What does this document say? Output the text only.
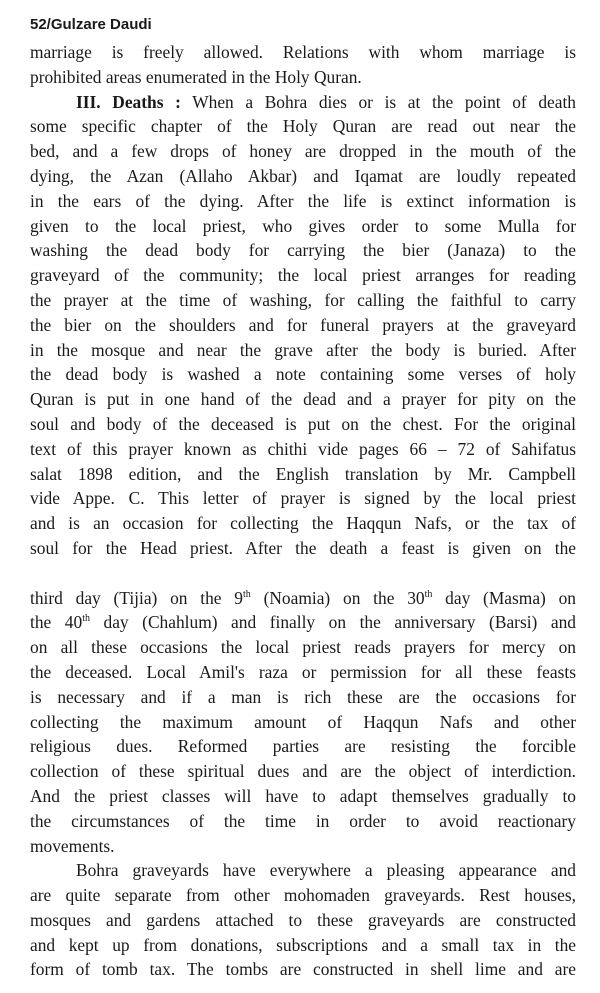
52/Gulzare Daudi
marriage is freely allowed. Relations with whom marriage is
prohibited areas enumerated in the Holy Quran.
III. Deaths : When a Bohra dies or is at the point of death
some specific chapter of the Holy Quran are read out near the
bed, and a few drops of honey are dropped in the mouth of the
dying, the Azan (Allaho Akbar) and Iqamat are loudly repeated
in the ears of the dying. After the life is extinct information is
given to the local priest, who gives order to some Mulla for
washing the dead body for carrying the bier (Janaza) to the
graveyard of the community; the local priest arranges for reading
the prayer at the time of washing, for calling the faithful to carry
the bier on the shoulders and for funeral prayers at the graveyard
in the mosque and near the grave after the body is buried. After
the dead body is washed a note containing some verses of holy
Quran is put in one hand of the dead and a prayer for pity on the
soul and body of the deceased is put on the chest. For the original
text of this prayer known as chithi vide pages 66 – 72 of Sahifatus
salat 1898 edition, and the English translation by Mr. Campbell
vide Appe. C. This letter of prayer is signed by the local priest
and is an occasion for collecting the Haqqun Nafs, or the tax of
soul for the Head priest. After the death a feast is given on the
third day (Tijia) on the 9th (Noamia) on the 30th day (Masma) on
the 40th day (Chahlum) and finally on the anniversary (Barsi) and
on all these occasions the local priest reads prayers for mercy on
the deceased. Local Amil's raza or permission for all these feasts
is necessary and if a man is rich these are the occasions for
collecting the maximum amount of Haqqun Nafs and other
religious dues. Reformed parties are resisting the forcible
collection of these spiritual dues and are the object of interdiction.
And the priest classes will have to adapt themselves gradually to
the circumstances of the time in order to avoid reactionary
movements.
Bohra graveyards have everywhere a pleasing appearance and
are quite separate from other mohomaden graveyards. Rest houses,
mosques and gardens attached to these graveyards are constructed
and kept up from donations, subscriptions and a small tax in the
form of tomb tax. The tombs are constructed in shell lime and are
